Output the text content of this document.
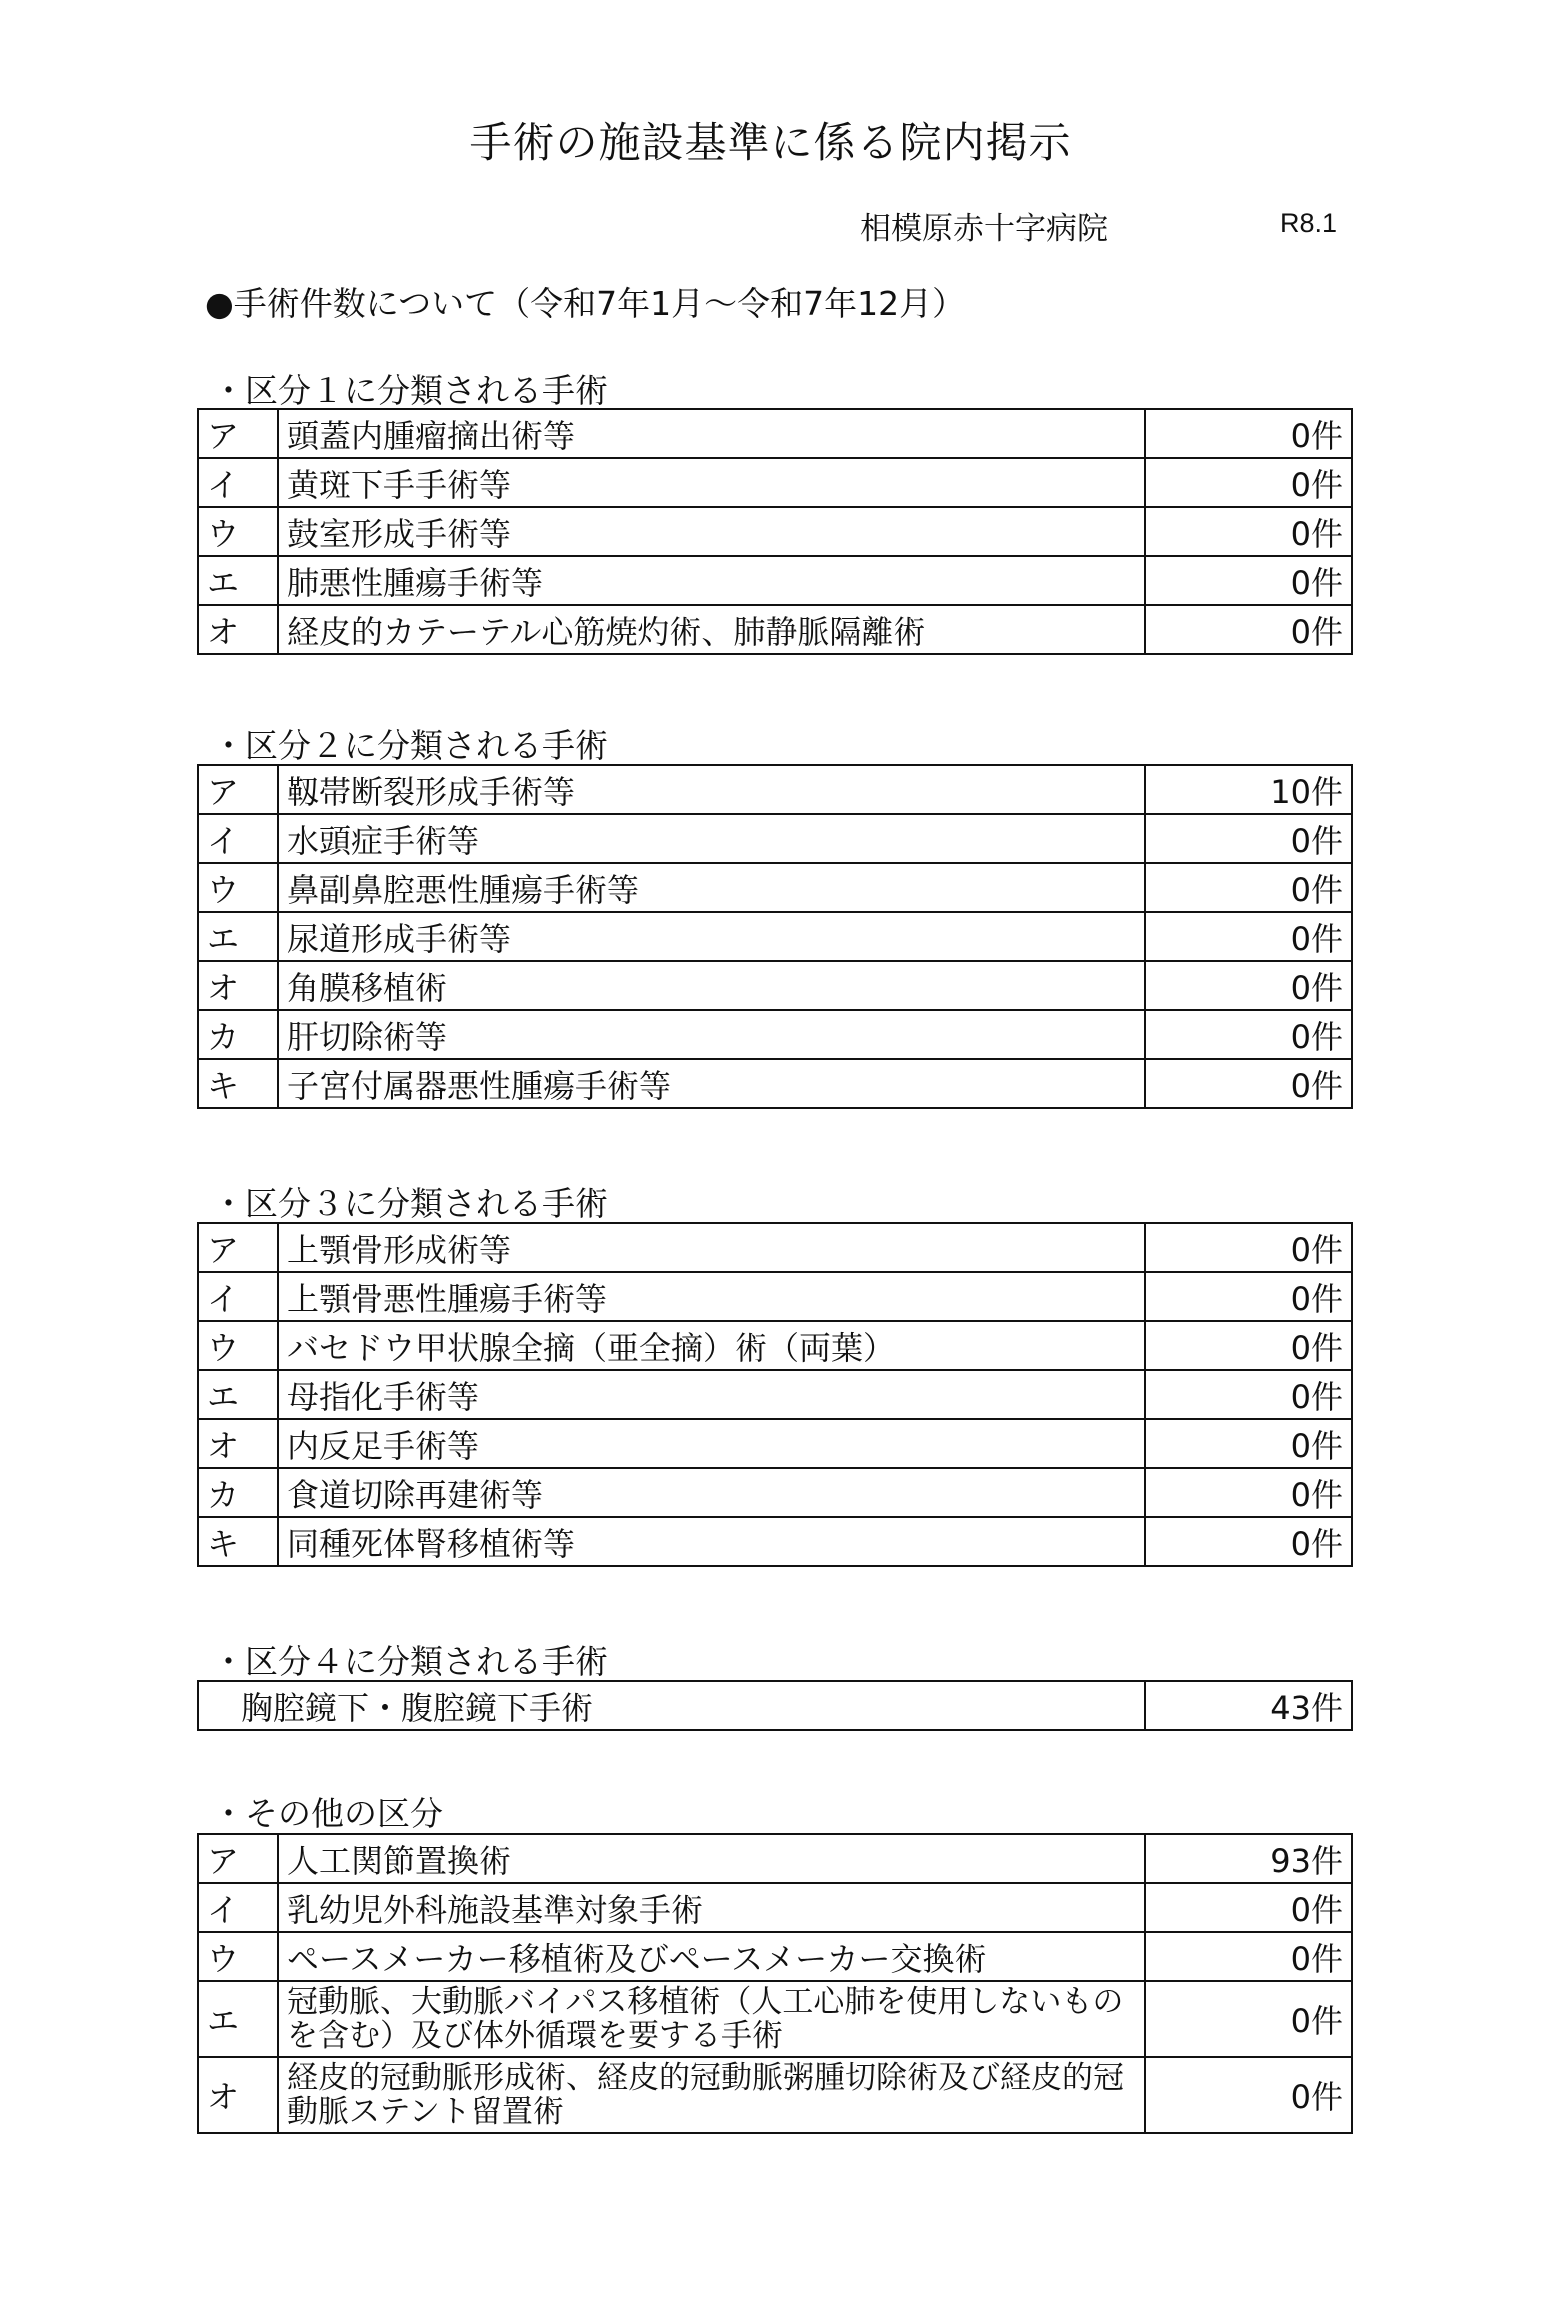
手術の施設基準に係る院内掲示
相模原赤十字病院	R8.1
●手術件数について（令和7年1月～令和7年12月）
・区分１に分類される手術
ア	頭蓋内腫瘤摘出術等	0件
イ	黄斑下手手術等	0件
ウ	鼓室形成手術等	0件
エ	肺悪性腫瘍手術等	0件
オ	経皮的カテーテル心筋焼灼術、肺静脈隔離術	0件
・区分２に分類される手術
ア	靱帯断裂形成手術等	10件
イ	水頭症手術等	0件
ウ	鼻副鼻腔悪性腫瘍手術等	0件
エ	尿道形成手術等	0件
オ	角膜移植術	0件
カ	肝切除術等	0件
キ	子宮付属器悪性腫瘍手術等	0件
・区分３に分類される手術
ア	上顎骨形成術等	0件
イ	上顎骨悪性腫瘍手術等	0件
ウ	バセドウ甲状腺全摘（亜全摘）術（両葉）	0件
エ	母指化手術等	0件
オ	内反足手術等	0件
カ	食道切除再建術等	0件
キ	同種死体腎移植術等	0件
・区分４に分類される手術
胸腔鏡下・腹腔鏡下手術	43件
・その他の区分
ア	人工関節置換術	93件
イ	乳幼児外科施設基準対象手術	0件
ウ	ペースメーカー移植術及びペースメーカー交換術	0件
エ	冠動脈、大動脈バイパス移植術（人工心肺を使用しないものを含む）及び体外循環を要する手術	0件
オ	経皮的冠動脈形成術、経皮的冠動脈粥腫切除術及び経皮的冠動脈ステント留置術	0件
